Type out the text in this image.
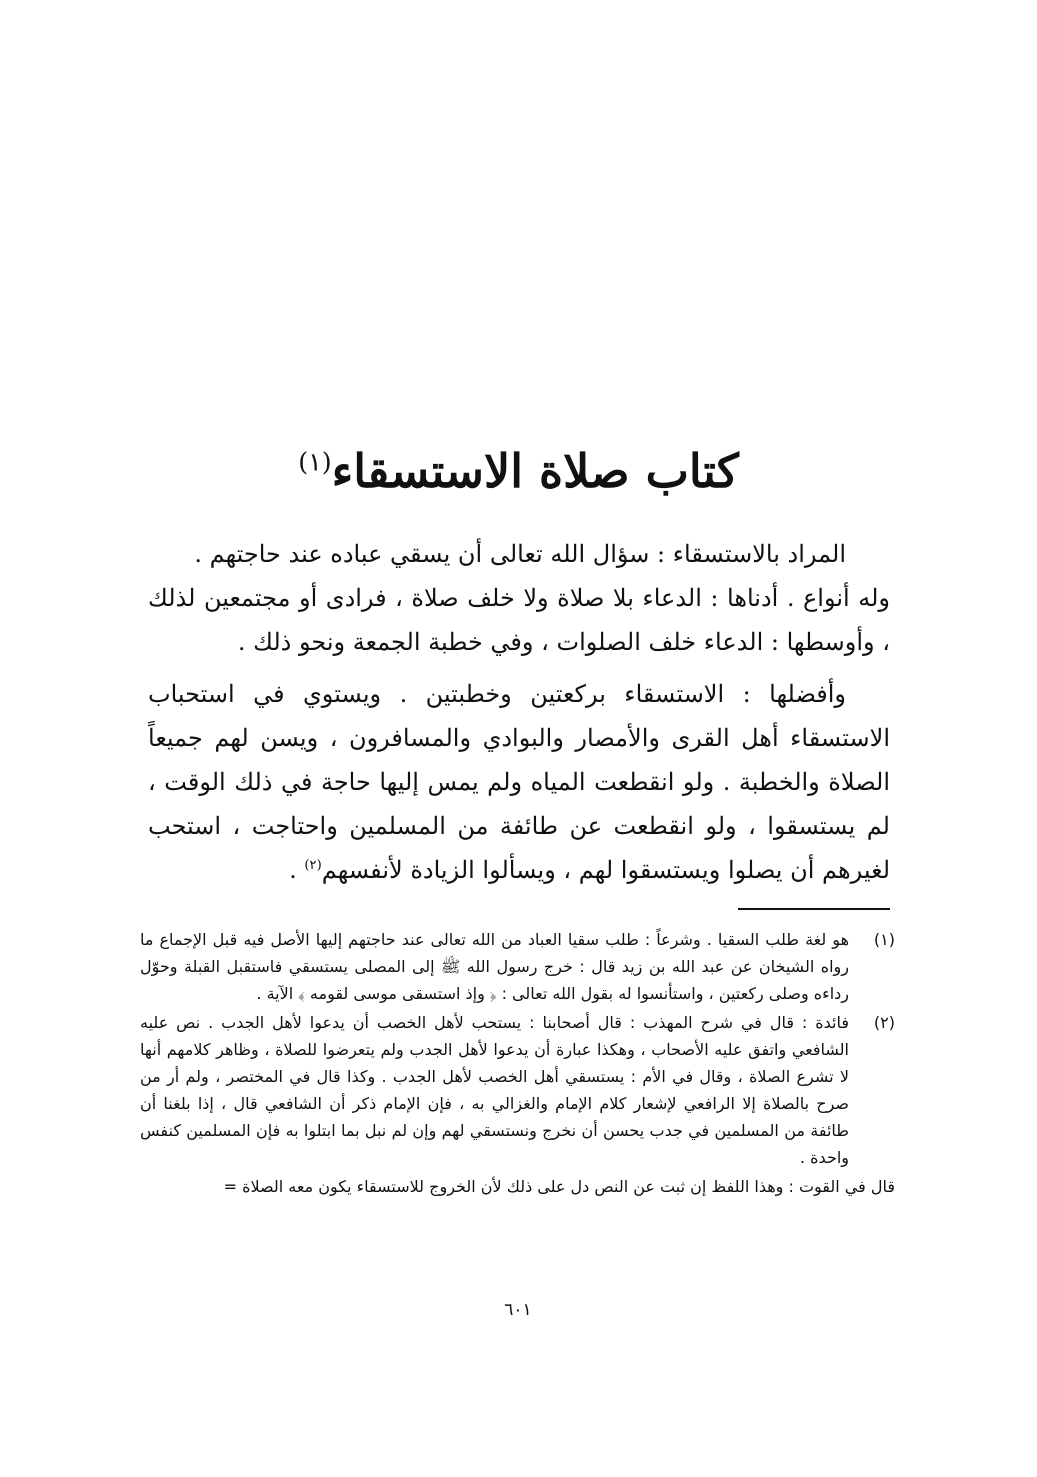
كتاب صلاة الاستسقاء$^{(١)}$

المراد بالاستسقاء : سؤال الله تعالى أن يسقي عباده عند حاجتهم .

وله أنواع . أدناها : الدعاء بلا صلاة ولا خلف صلاة ، فرادى أو مجتمعين لذلك ، وأوسطها : الدعاء خلف الصلوات ، وفي خطبة الجمعة ونحو ذلك .

وأفضلها : الاستسقاء بركعتين وخطبتين . ويستوي في استحباب الاستسقاء أهل القرى والأمصار والبوادي والمسافرون ، ويسن لهم جميعاً الصلاة والخطبة . ولو انقطعت المياه ولم يمس إليها حاجة في ذلك الوقت ، لم يستسقوا ، ولو انقطعت عن طائفة من المسلمين واحتاجت ، استحب لغيرهم أن يصلوا ويستسقوا لهم ، ويسألوا الزيادة لأنفسهم$^{(٢)}$ .

(١)
هو لغة طلب السقيا . وشرعاً : طلب سقيا العباد من الله تعالى عند حاجتهم إليها الأصل فيه قبل الإجماع ما رواه الشيخان عن عبد الله بن زيد قال : خرج رسول الله ﷺ إلى المصلى يستسقي فاستقبل القبلة وحوّل رداءه وصلى ركعتين ، واستأنسوا له بقول الله تعالى : ﴿ وإذ استسقى موسى لقومه ﴾ الآية .
(٢)
فائدة : قال في شرح المهذب : قال أصحابنا : يستحب لأهل الخصب أن يدعوا لأهل الجدب . نص عليه الشافعي واتفق عليه الأصحاب ، وهكذا عبارة أن يدعوا لأهل الجدب ولم يتعرضوا للصلاة ، وظاهر كلامهم أنها لا تشرع الصلاة ، وقال في الأم : يستسقي أهل الخصب لأهل الجدب . وكذا قال في المختصر ، ولم أر من صرح بالصلاة إلا الرافعي لإشعار كلام الإمام والغزالي به ، فإن الإمام ذكر أن الشافعي قال ، إذا بلغنا أن طائفة من المسلمين في جدب يحسن أن نخرج ونستسقي لهم وإن لم نبل بما ابتلوا به فإن المسلمين كنفس واحدة .

قال في القوت : وهذا اللفظ إن ثبت عن النص دل على ذلك لأن الخروج للاستسقاء يكون معه الصلاة =

٦٠١
